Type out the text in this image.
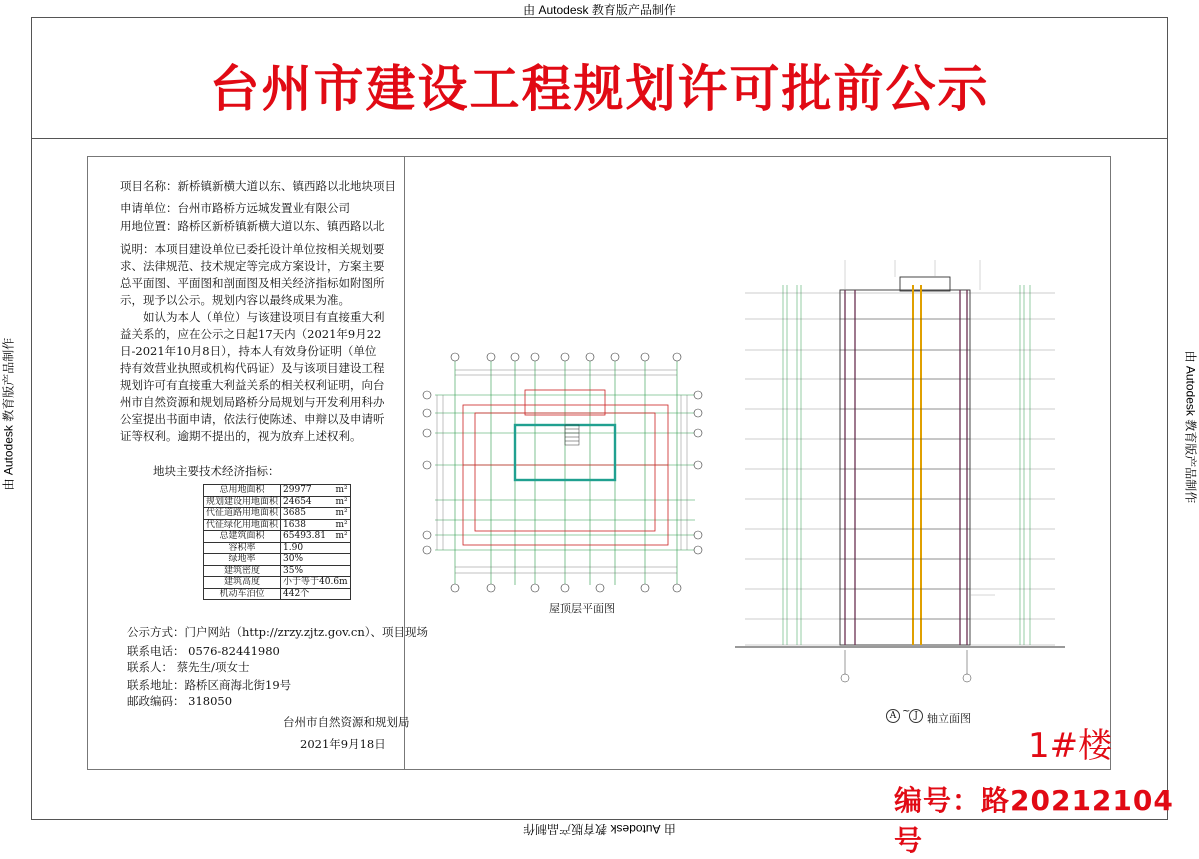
由 Autodesk 教育版产品制作
由 Autodesk 教育版产品制作
由 Autodesk 教育版产品制作	由 Autodesk 教育版产品制作
台州市建设工程规划许可批前公示
项目名称：新桥镇新横大道以东、镇西路以北地块项目
申请单位：台州市路桥方远城发置业有限公司
用地位置：路桥区新桥镇新横大道以东、镇西路以北

说明：本项目建设单位已委托设计单位按相关规划要求、法律规范、技术规定等完成方案设计，方案主要总平面图、平面图和剖面图及相关经济指标如附图所示，现予以公示。规划内容以最终成果为准。

如认为本人（单位）与该建设项目有直接重大利益关系的，应在公示之日起17天内（2021年9月22日-2021年10月8日），持本人有效身份证明（单位持有效营业执照或机构代码证）及与该项目建设工程规划许可有直接重大利益关系的相关权利证明，向台州市自然资源和规划局路桥分局规划与开发利用科办公室提出书面申请，依法行使陈述、申辩以及申请听证等权利。逾期不提出的，视为放弃上述权利。

地块主要技术经济指标：
总用地面积	29977 m²

规划建设用地面积	24654 m²

代征道路用地面积	3685 m²

代征绿化用地面积	1638 m²

总建筑面积	65493.81 m²

容积率	1.90

绿地率	30%

建筑密度	35%

建筑高度	小于等于40.6m

机动车泊位	442个
公示方式：门户网站（http://zrzy.zjtz.gov.cn）、项目现场
联系电话： 0576-82441980
联系人： 蔡先生/项女士
联系地址：路桥区商海北街19号
邮政编码： 318050
台州市自然资源和规划局
2021年9月18日
屋顶层平面图
A ~ J 轴立面图
1#楼
编号：路20212104号
